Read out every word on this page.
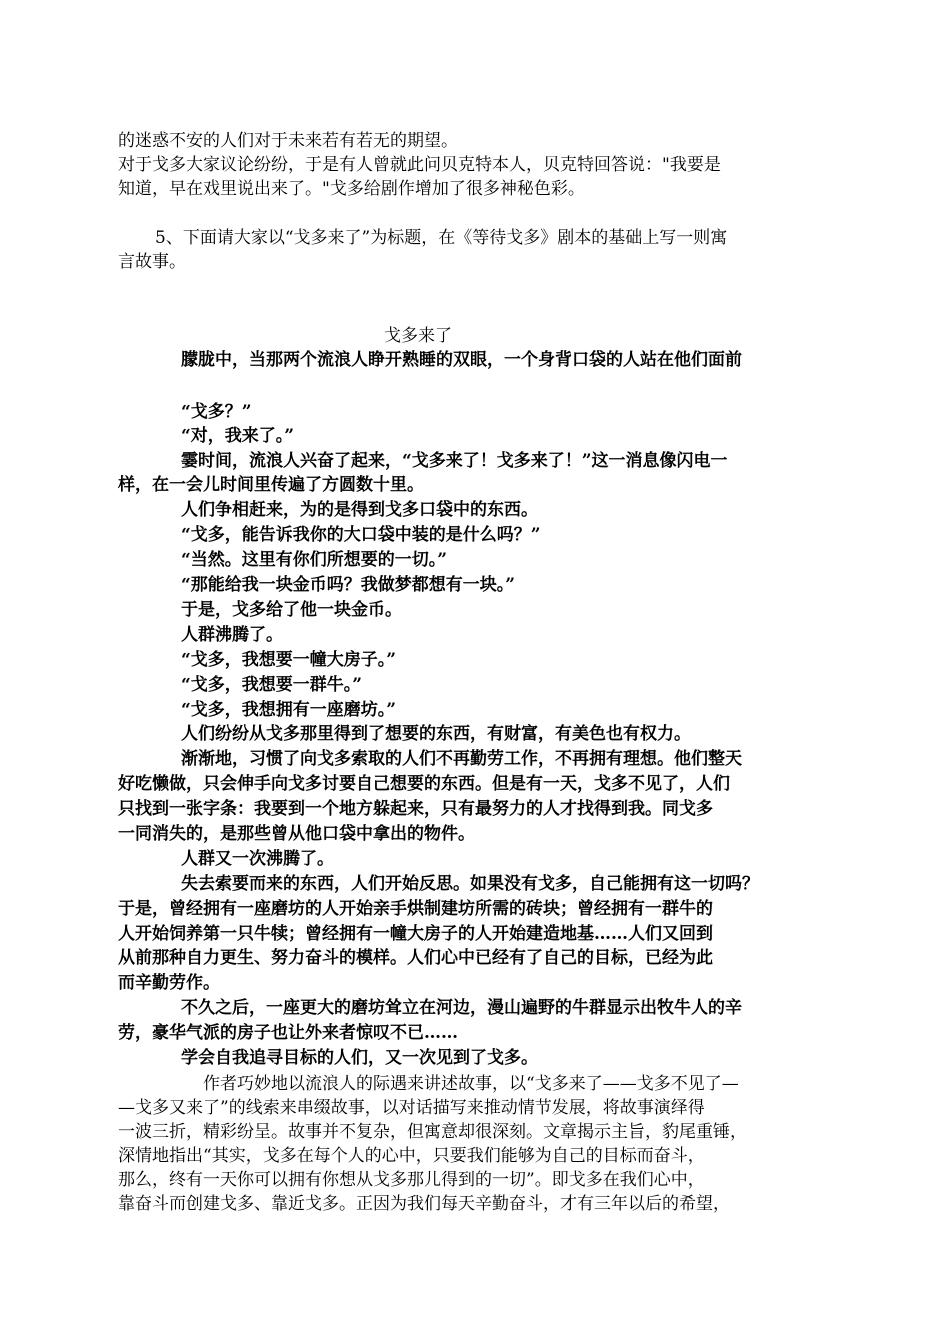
的迷惑不安的人们对于未来若有若无的期望。
对于戈多大家议论纷纷，于是有人曾就此问贝克特本人，贝克特回答说："我要是
知道，早在戏里说出来了。"戈多给剧作增加了很多神秘色彩。
5、下面请大家以“戈多来了”为标题，在《等待戈多》剧本的基础上写一则寓
言故事。
戈多来了
朦胧中，当那两个流浪人睁开熟睡的双眼，一个身背口袋的人站在他们面前
“戈多？”
“对，我来了。”
霎时间，流浪人兴奋了起来，“戈多来了！戈多来了！”这一消息像闪电一
样，在一会儿时间里传遍了方圆数十里。
人们争相赶来，为的是得到戈多口袋中的东西。
“戈多，能告诉我你的大口袋中装的是什么吗？”
“当然。这里有你们所想要的一切。”
“那能给我一块金币吗？我做梦都想有一块。”
于是，戈多给了他一块金币。
人群沸腾了。
“戈多，我想要一幢大房子。”
“戈多，我想要一群牛。”
“戈多，我想拥有一座磨坊。”
人们纷纷从戈多那里得到了想要的东西，有财富，有美色也有权力。
渐渐地，习惯了向戈多索取的人们不再勤劳工作，不再拥有理想。他们整天
好吃懒做，只会伸手向戈多讨要自己想要的东西。但是有一天，戈多不见了，人们
只找到一张字条：我要到一个地方躲起来，只有最努力的人才找得到我。同戈多
一同消失的，是那些曾从他口袋中拿出的物件。
人群又一次沸腾了。
失去索要而来的东西，人们开始反思。如果没有戈多，自己能拥有这一切吗？
于是，曾经拥有一座磨坊的人开始亲手烘制建坊所需的砖块；曾经拥有一群牛的
人开始饲养第一只牛犊；曾经拥有一幢大房子的人开始建造地基……人们又回到
从前那种自力更生、努力奋斗的模样。人们心中已经有了自己的目标，已经为此
而辛勤劳作。
不久之后，一座更大的磨坊耸立在河边，漫山遍野的牛群显示出牧牛人的辛
劳，豪华气派的房子也让外来者惊叹不已……
学会自我追寻目标的人们，又一次见到了戈多。
作者巧妙地以流浪人的际遇来讲述故事，以“戈多来了——戈多不见了—
—戈多又来了”的线索来串缀故事，以对话描写来推动情节发展，将故事演绎得
一波三折，精彩纷呈。故事并不复杂，但寓意却很深刻。文章揭示主旨，豹尾重锤，
深情地指出“其实，戈多在每个人的心中，只要我们能够为自己的目标而奋斗，
那么，终有一天你可以拥有你想从戈多那儿得到的一切”。即戈多在我们心中，
靠奋斗而创建戈多、靠近戈多。正因为我们每天辛勤奋斗，才有三年以后的希望，
